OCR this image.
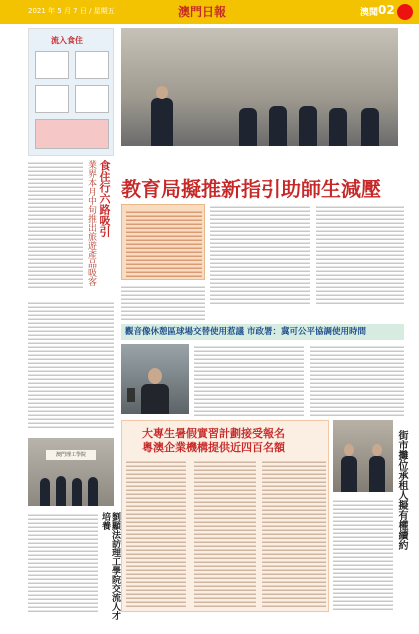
2021 年 5 月 7 日 / 星期五	澳門日報	澳聞 02
流入食住
食住行六路吸引
業界本月中旬推出旅遊產品吸客
澳門理工學院
劉顯法訪理工學院交流人才培養
教育局擬推新指引助師生減壓
觀音像休憩區球場交替使用惹議 市政署：冀可公平協調使用時間
大專生暑假實習計劃接受報名
粵澳企業機構提供近四百名額	街市攤位承租人擬有權續約
